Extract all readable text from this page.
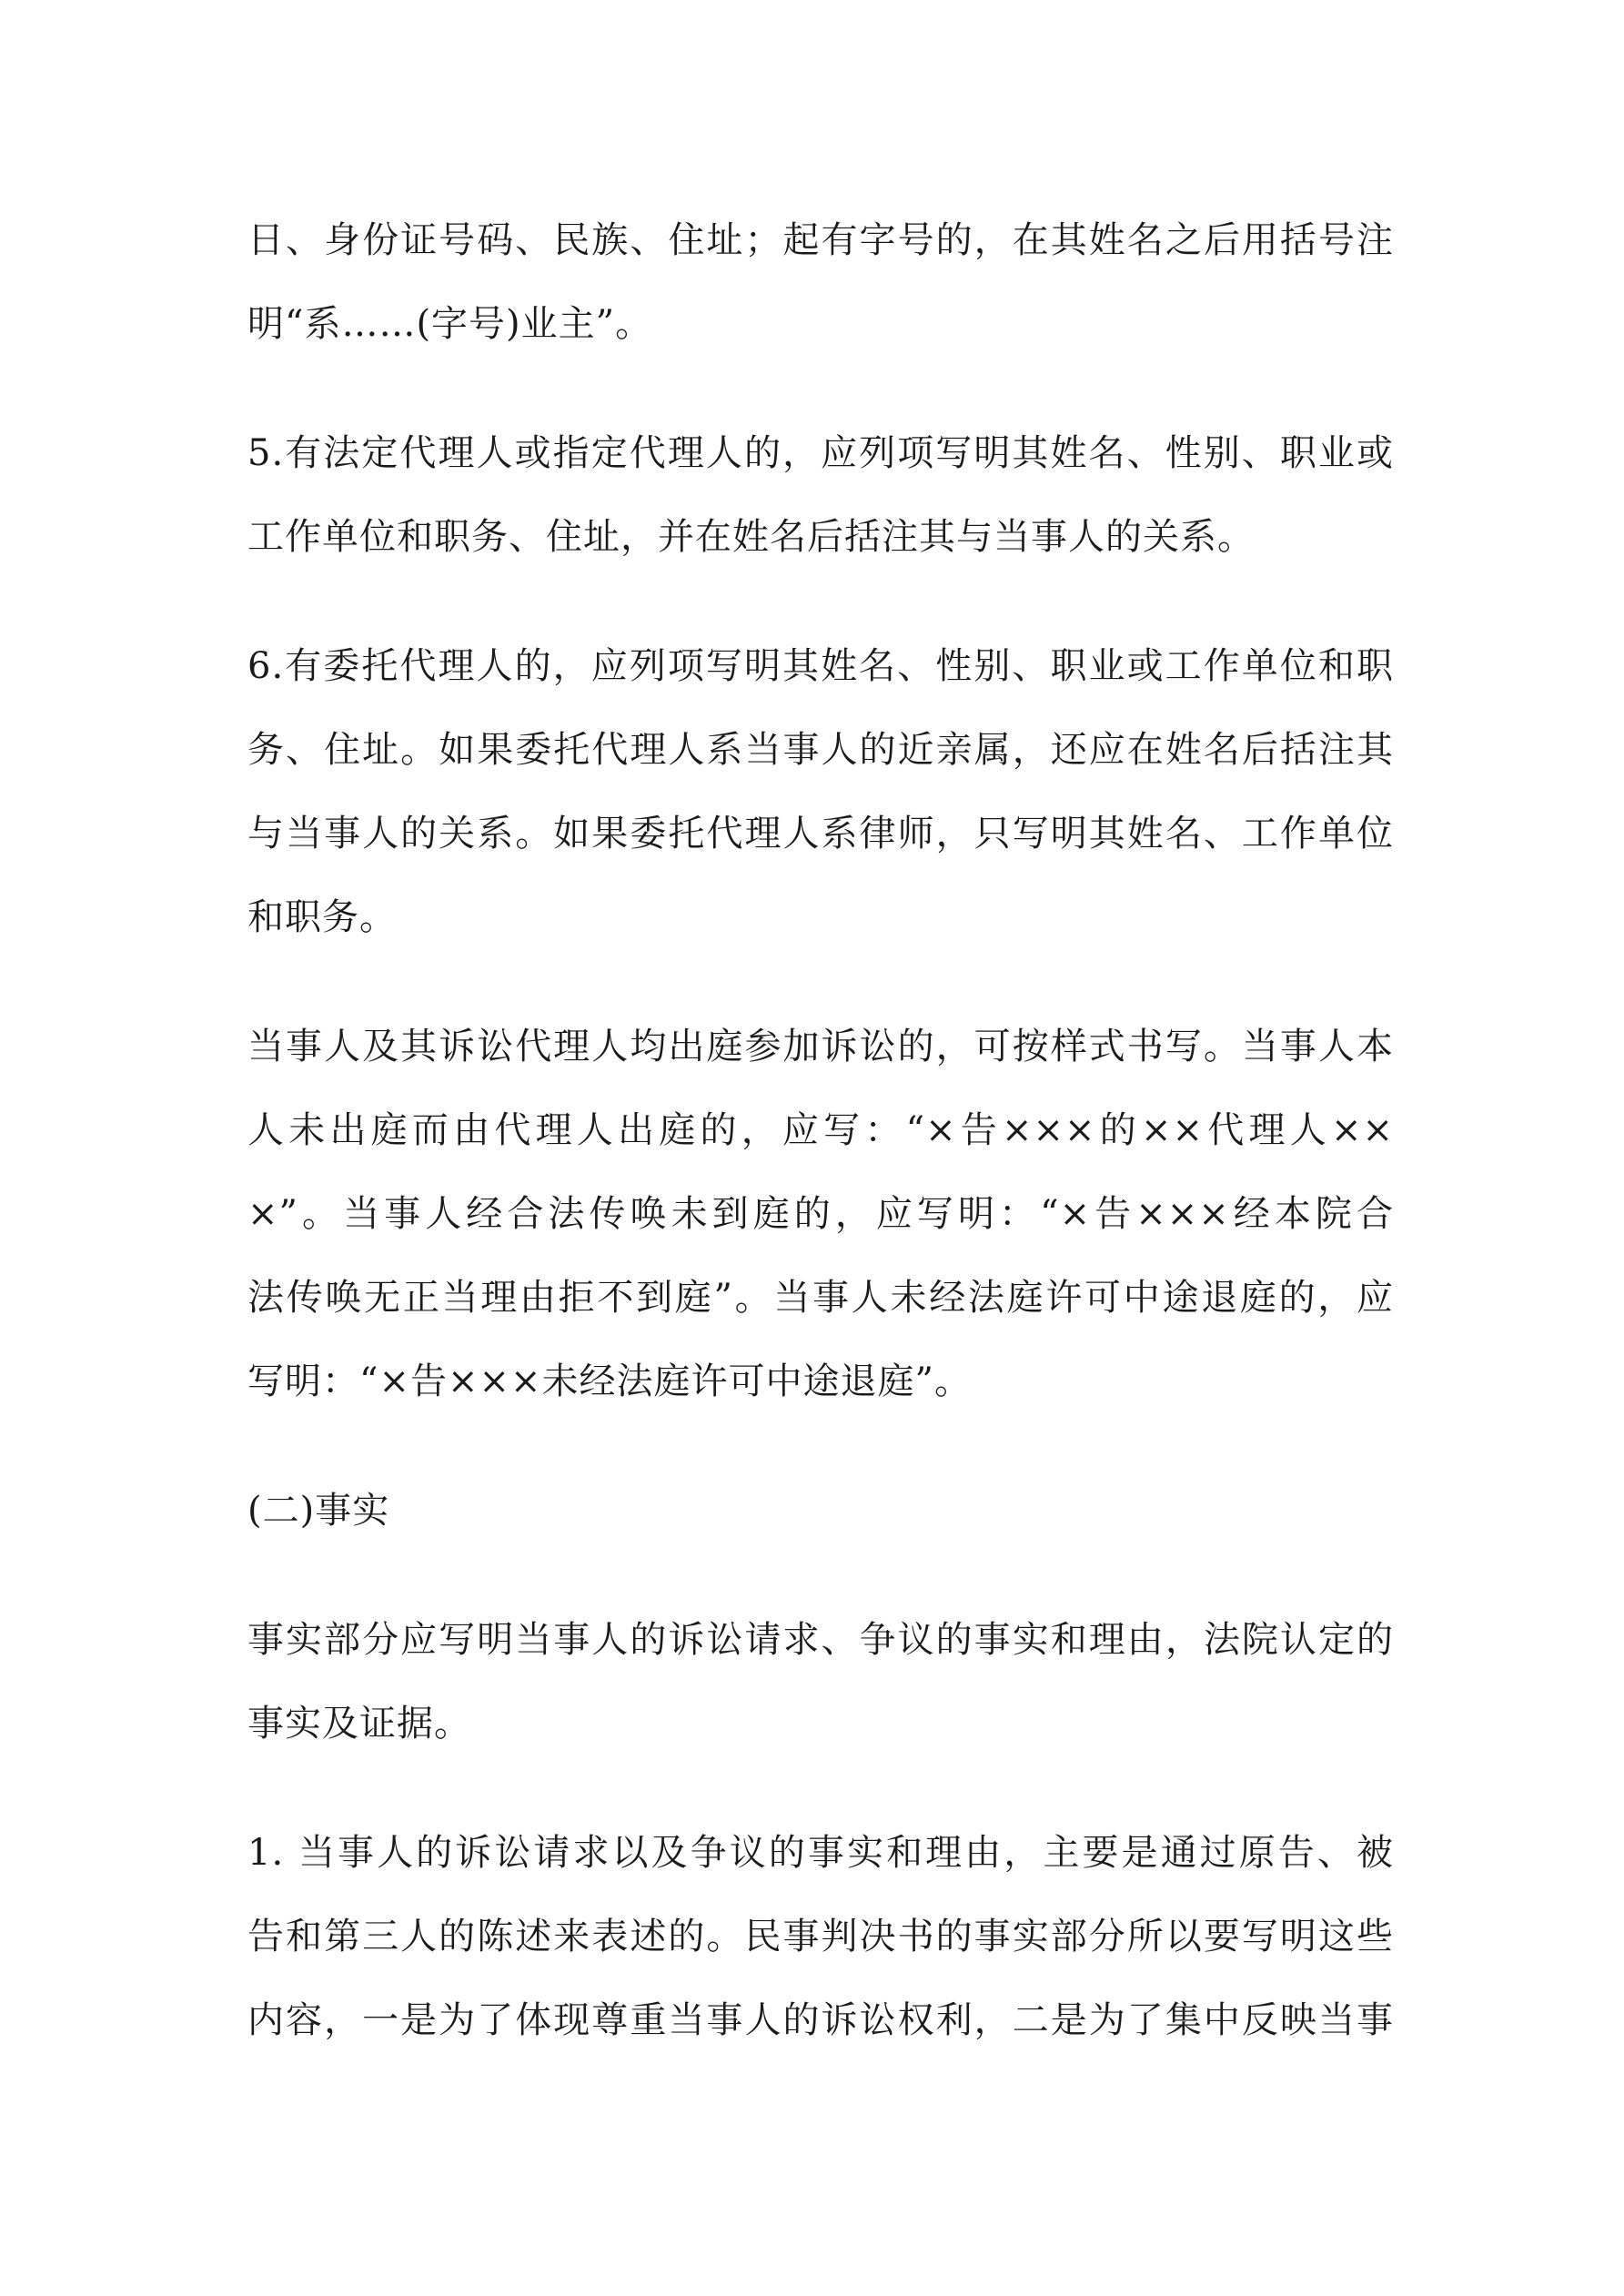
日、身份证号码、民族、住址；起有字号的，在其姓名之后用括号注
明“系……(字号)业主”。

5.有法定代理人或指定代理人的，应列项写明其姓名、性别、职业或
工作单位和职务、住址，并在姓名后括注其与当事人的关系。

6.有委托代理人的，应列项写明其姓名、性别、职业或工作单位和职
务、住址。如果委托代理人系当事人的近亲属，还应在姓名后括注其
与当事人的关系。如果委托代理人系律师，只写明其姓名、工作单位
和职务。

当事人及其诉讼代理人均出庭参加诉讼的，可按样式书写。当事人本
人未出庭而由代理人出庭的，应写：“×告×××的××代理人××
×”。当事人经合法传唤未到庭的，应写明：“×告×××经本院合
法传唤无正当理由拒不到庭”。当事人未经法庭许可中途退庭的，应
写明：“×告×××未经法庭许可中途退庭”。

(二)事实

事实部分应写明当事人的诉讼请求、争议的事实和理由，法院认定的
事实及证据。

1. 当事人的诉讼请求以及争议的事实和理由，主要是通过原告、被
告和第三人的陈述来表述的。民事判决书的事实部分所以要写明这些
内容，一是为了体现尊重当事人的诉讼权利，二是为了集中反映当事
